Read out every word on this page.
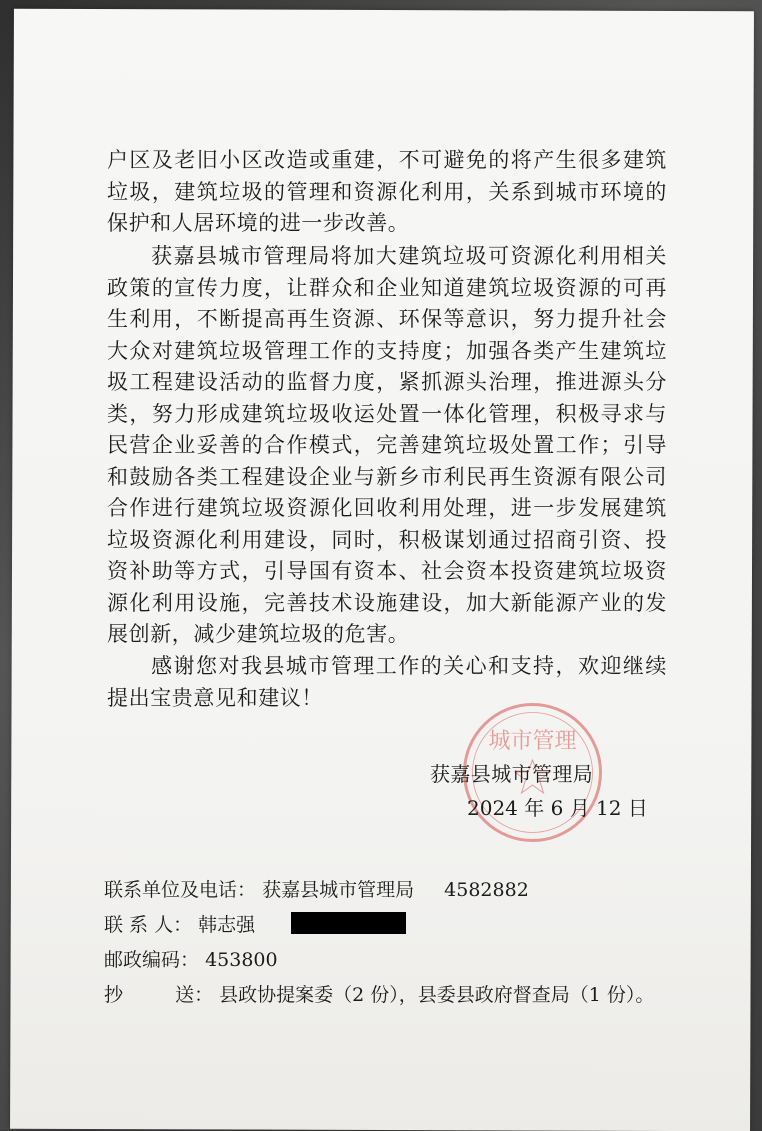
户区及老旧小区改造或重建，不可避免的将产生很多建筑垃圾，建筑垃圾的管理和资源化利用，关系到城市环境的保护和人居环境的进一步改善。
获嘉县城市管理局将加大建筑垃圾可资源化利用相关政策的宣传力度，让群众和企业知道建筑垃圾资源的可再生利用，不断提高再生资源、环保等意识，努力提升社会大众对建筑垃圾管理工作的支持度；加强各类产生建筑垃圾工程建设活动的监督力度，紧抓源头治理，推进源头分类，努力形成建筑垃圾收运处置一体化管理，积极寻求与民营企业妥善的合作模式，完善建筑垃圾处置工作；引导和鼓励各类工程建设企业与新乡市利民再生资源有限公司合作进行建筑垃圾资源化回收利用处理，进一步发展建筑垃圾资源化利用建设，同时，积极谋划通过招商引资、投资补助等方式，引导国有资本、社会资本投资建筑垃圾资源化利用设施，完善技术设施建设，加大新能源产业的发展创新，减少建筑垃圾的危害。
感谢您对我县城市管理工作的关心和支持，欢迎继续提出宝贵意见和建议！
城市管理
获嘉县城市管理局
2024 年 6 月 12 日
联系单位及电话： 获嘉县城市管理局 4582882
联 系 人： 韩志强
邮政编码： 453800
抄	送： 县政协提案委（2 份），县委县政府督查局（1 份）。
